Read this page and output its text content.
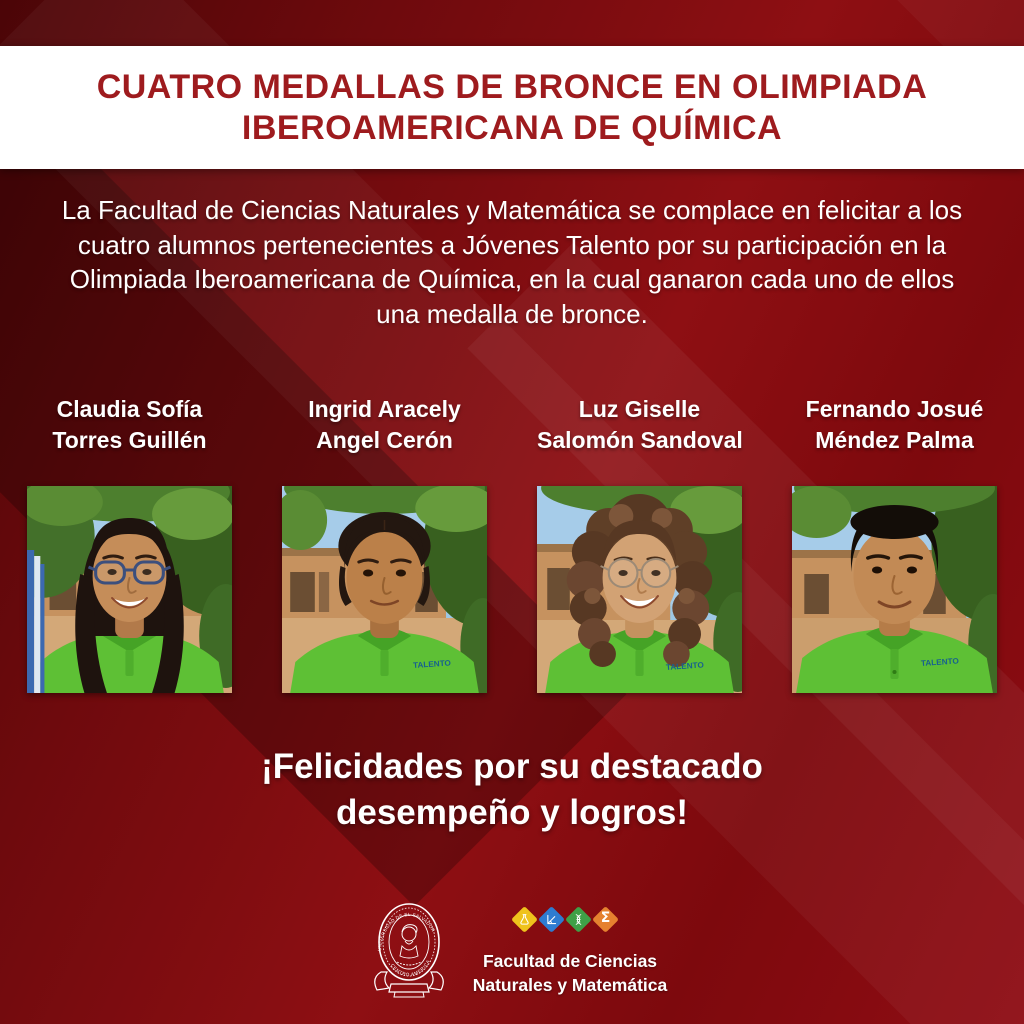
CUATRO MEDALLAS DE BRONCE EN OLIMPIADA
IBEROAMERICANA DE QUÍMICA
La Facultad de Ciencias Naturales y Matemática se complace en felicitar a los cuatro alumnos pertenecientes a Jóvenes Talento por su participación en la Olimpiada Iberoamericana de Química, en la cual ganaron cada uno de ellos una medalla de bronce.
Claudia Sofía
Torres Guillén
Ingrid Aracely
Angel Cerón
Luz Giselle
Salomón Sandoval
Fernando Josué
Méndez Palma
TALENTO	TALENTO	TALENTO
¡Felicidades por su destacado desempeño y logros!
UNIVERSIDAD DE EL SALVADOR
CENTRO AMERICA
Σ
Facultad de Ciencias
Naturales y Matemática
